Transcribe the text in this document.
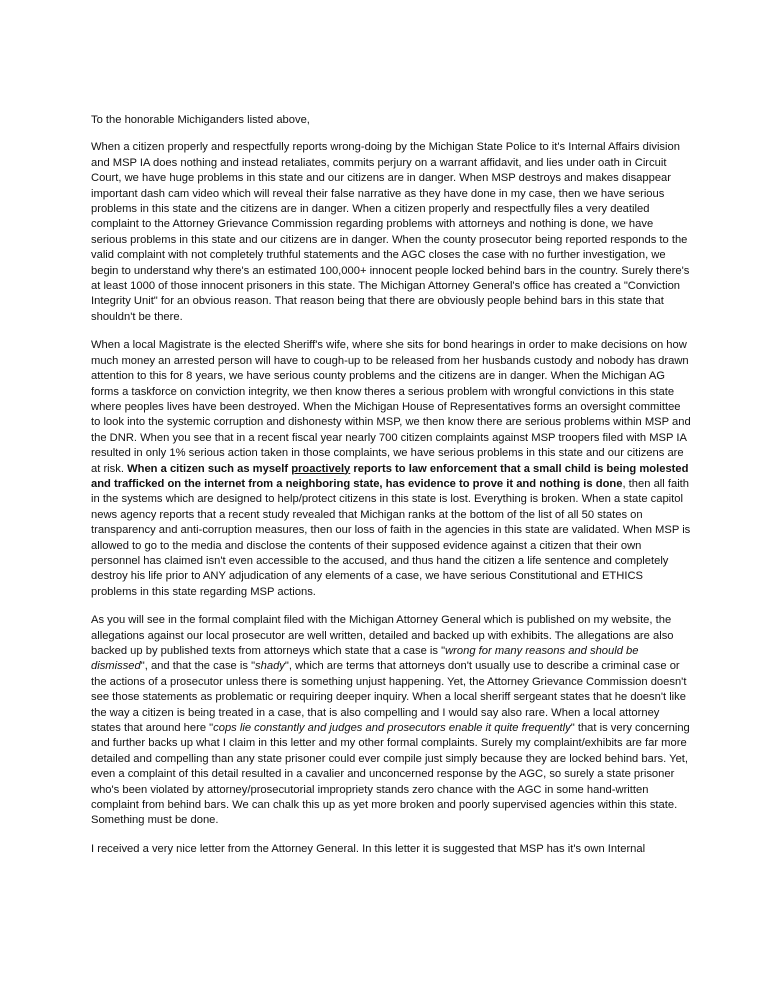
To the honorable Michiganders listed above,

When a citizen properly and respectfully reports wrong-doing by the Michigan State Police to it's Internal Affairs division and MSP IA does nothing and instead retaliates, commits perjury on a warrant affidavit, and lies under oath in Circuit Court, we have huge problems in this state and our citizens are in danger. When MSP destroys and makes disappear important dash cam video which will reveal their false narrative as they have done in my case, then we have serious problems in this state and the citizens are in danger. When a citizen properly and respectfully files a very deatiled complaint to the Attorney Grievance Commission regarding problems with attorneys and nothing is done, we have serious problems in this state and our citizens are in danger. When the county prosecutor being reported responds to the valid complaint with not completely truthful statements and the AGC closes the case with no further investigation, we begin to understand why there's an estimated 100,000+ innocent people locked behind bars in the country. Surely there's at least 1000 of those innocent prisoners in this state. The Michigan Attorney General's office has created a "Conviction Integrity Unit" for an obvious reason. That reason being that there are obviously people behind bars in this state that shouldn't be there.

When a local Magistrate is the elected Sheriff's wife, where she sits for bond hearings in order to make decisions on how much money an arrested person will have to cough-up to be released from her husbands custody and nobody has drawn attention to this for 8 years, we have serious county problems and the citizens are in danger. When the Michigan AG forms a taskforce on conviction integrity, we then know theres a serious problem with wrongful convictions in this state where peoples lives have been destroyed. When the Michigan House of Representatives forms an oversight committee to look into the systemic corruption and dishonesty within MSP, we then know there are serious problems within MSP and the DNR. When you see that in a recent fiscal year nearly 700 citizen complaints against MSP troopers filed with MSP IA resulted in only 1% serious action taken in those complaints, we have serious problems in this state and our citizens are at risk. When a citizen such as myself proactively reports to law enforcement that a small child is being molested and trafficked on the internet from a neighboring state, has evidence to prove it and nothing is done, then all faith in the systems which are designed to help/protect citizens in this state is lost. Everything is broken. When a state capitol news agency reports that a recent study revealed that Michigan ranks at the bottom of the list of all 50 states on transparency and anti-corruption measures, then our loss of faith in the agencies in this state are validated. When MSP is allowed to go to the media and disclose the contents of their supposed evidence against a citizen that their own personnel has claimed isn't even accessible to the accused, and thus hand the citizen a life sentence and completely destroy his life prior to ANY adjudication of any elements of a case, we have serious Constitutional and ETHICS problems in this state regarding MSP actions.

As you will see in the formal complaint filed with the Michigan Attorney General which is published on my website, the allegations against our local prosecutor are well written, detailed and backed up with exhibits. The allegations are also backed up by published texts from attorneys which state that a case is "wrong for many reasons and should be dismissed", and that the case is "shady", which are terms that attorneys don't usually use to describe a criminal case or the actions of a prosecutor unless there is something unjust happening. Yet, the Attorney Grievance Commission doesn't see those statements as problematic or requiring deeper inquiry. When a local sheriff sergeant states that he doesn't like the way a citizen is being treated in a case, that is also compelling and I would say also rare. When a local attorney states that around here "cops lie constantly and judges and prosecutors enable it quite frequently" that is very concerning and further backs up what I claim in this letter and my other formal complaints. Surely my complaint/exhibits are far more detailed and compelling than any state prisoner could ever compile just simply because they are locked behind bars. Yet, even a complaint of this detail resulted in a cavalier and unconcerned response by the AGC, so surely a state prisoner who's been violated by attorney/prosecutorial impropriety stands zero chance with the AGC in some hand-written complaint from behind bars. We can chalk this up as yet more broken and poorly supervised agencies within this state. Something must be done.

I received a very nice letter from the Attorney General. In this letter it is suggested that MSP has it's own Internal
